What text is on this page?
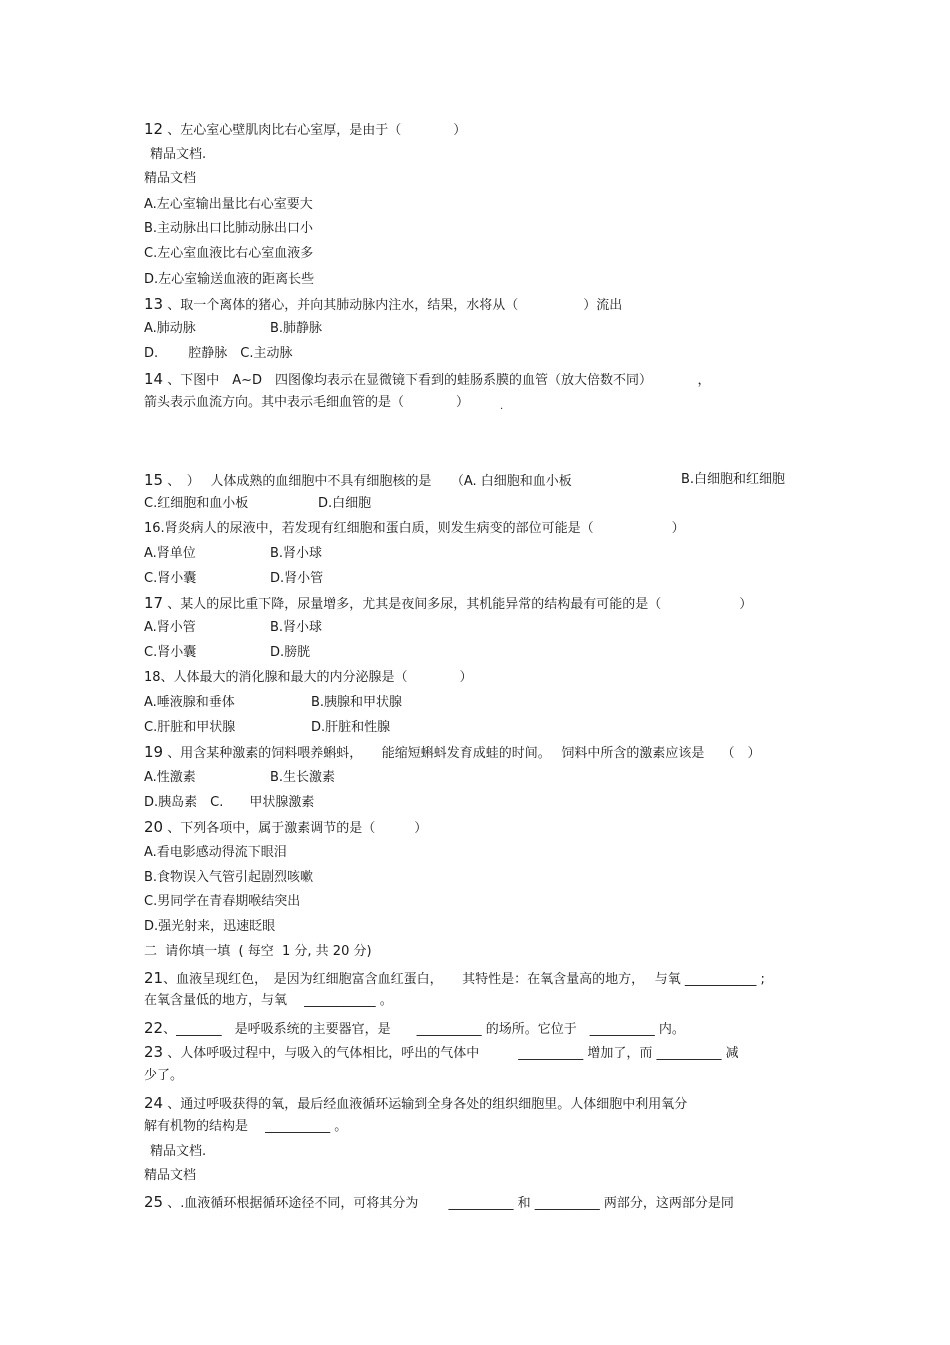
12 、左心室心壁肌肉比右心室厚，是由于（　　　　）

精品文档.

精品文档

A.左心室输出量比右心室要大

B.主动脉出口比肺动脉出口小

C.左心室血液比右心室血液多

D.左心室输送血液的距离长些

13 、取一个离体的猪心，并向其肺动脉内注水，结果，水将从（　　　　　）流出

A.肺动脉	B.肺静脉

D.　　 腔静脉　C.主动脉

14 、下图中　A~D　四图像均表示在显微镜下看到的蛙肠系膜的血管（放大倍数不同）　　　　，

箭头表示血流方向。其中表示毛细血管的是（　　　　）	.

15 、　）　 人体成熟的血细胞中不具有细胞核的是　　（A. 白细胞和血小板	B.白细胞和红细胞

C.红细胞和血小板	D.白细胞

16.肾炎病人的尿液中，若发现有红细胞和蛋白质，则发生病变的部位可能是（　　　　　　）

A.肾单位	B.肾小球

C.肾小囊	D.肾小管

17 、某人的尿比重下降，尿量增多，尤其是夜间多尿，其机能异常的结构最有可能的是（　　　　　　）

A.肾小管	B.肾小球

C.肾小囊	D.膀胱

18、人体最大的消化腺和最大的内分泌腺是（　　　　）

A.唾液腺和垂体	B.胰腺和甲状腺

C.肝脏和甲状腺	D.肝脏和性腺

19 、用含某种激素的饲料喂养蝌蚪，　　能缩短蝌蚪发育成蛙的时间。　 饲料中所含的激素应该是　 （　）

A.性激素	B.生长激素

D.胰岛素　C.　　甲状腺激素

20 、下列各项中，属于激素调节的是（　　　）

A.看电影感动得流下眼泪

B.食物误入气管引起剧烈咳嗽

C.男同学在青春期喉结突出

D.强光射来，迅速眨眼

二  请你填一填  ( 每空  1 分, 共 20 分)

21、血液呈现红色，　是因为红细胞富含血红蛋白，　　其特性是：在氧含量高的地方，　 与氧 ___________ ;

在氧含量低的地方，与氧　 ___________ 。

22、_______　是呼吸系统的主要器官，是　　__________ 的场所。它位于　__________ 内。

23 、人体呼吸过程中，与吸入的气体相比，呼出的气体中　　　__________ 增加了，而 __________ 减

少了。

24 、通过呼吸获得的氧，最后经血液循环运输到全身各处的组织细胞里。人体细胞中利用氧分

解有机物的结构是　 __________ 。

精品文档.

精品文档

25 、.血液循环根据循环途径不同，可将其分为　　 __________ 和 __________ 两部分，这两部分是同
